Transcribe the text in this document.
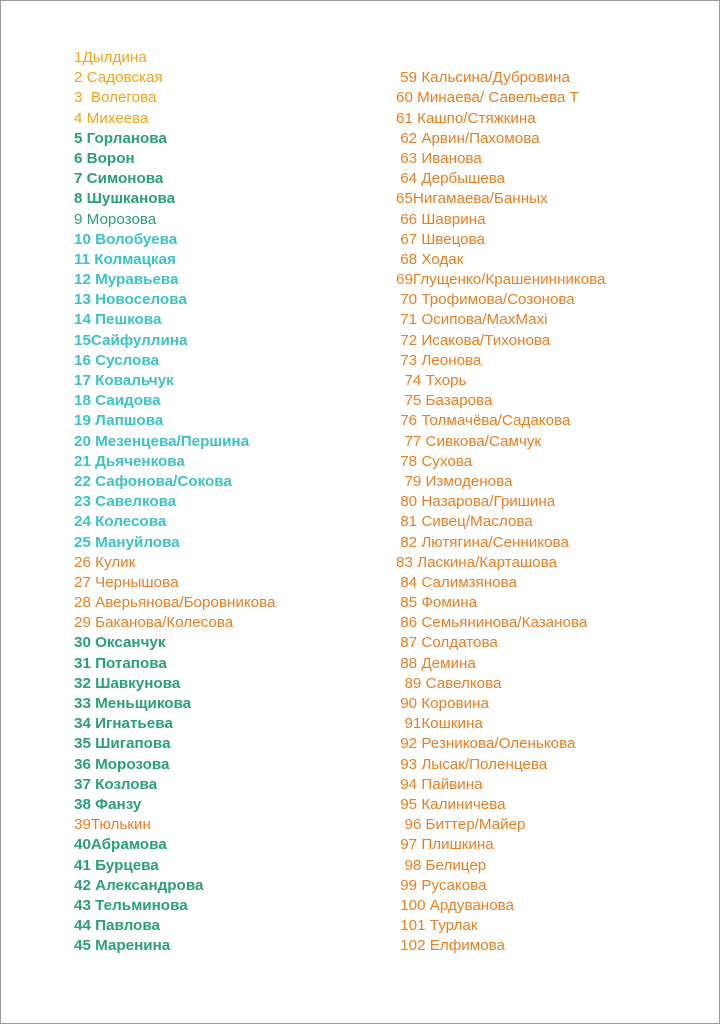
1Дылдина
2 Садовская
3  Волегова
4 Михеева
5 Горланова
6 Ворон
7 Симонова
8 Шушканова
9 Морозова
10 Волобуева
11 Колмацкая
12 Муравьева
13 Новоселова
14 Пешкова
15Сайфуллина
16 Суслова
17 Ковальчук
18 Саидова
19 Лапшова
20 Мезенцева/Першина
21 Дьяченкова
22 Сафонова/Сокова
23 Савелкова
24 Колесова
25 Мануйлова
26 Кулик
27 Чернышова
28 Аверьянова/Боровникова
29 Баканова/Колесова
30 Оксанчук
31 Потапова
32 Шавкунова
33 Меньщикова
34 Игнатьева
35 Шигапова
36 Морозова
37 Козлова
38 Фанзу
39Тюлькин
40Абрамова
41 Бурцева
42 Александрова
43 Тельминова
44 Павлова
45 Маренина
59 Кальсина/Дубровина
60 Минаева/ Савельева Т
61 Кашпо/Стяжкина
62 Арвин/Пахомова
63 Иванова
64 Дербышева
65Нигамаева/Банных
66 Шаврина
67 Швецова
68 Ходак
69Глущенко/Крашенинникова
70 Трофимова/Созонова
71 Осипова/МахМахі
72 Исакова/Тихонова
73 Леонова
74 Тхорь
75 Базарова
76 Толмачёва/Садакова
77 Сивкова/Самчук
78 Сухова
79 Измоденова
80 Назарова/Гришина
81 Сивец/Маслова
82 Лютягина/Сенникова
83 Ласкина/Карташова
84 Салимзянова
85 Фомина
86 Семьянинова/Казанова
87 Солдатова
88 Демина
89 Савелкова
90 Коровина
91Кошкина
92 Резникова/Оленькова
93 Лысак/Поленцева
94 Пайвина
95 Калиничева
96 Биттер/Майер
97 Плишкина
98 Белицер
99 Русакова
100 Ардуванова
101 Турлак
102 Елфимова
